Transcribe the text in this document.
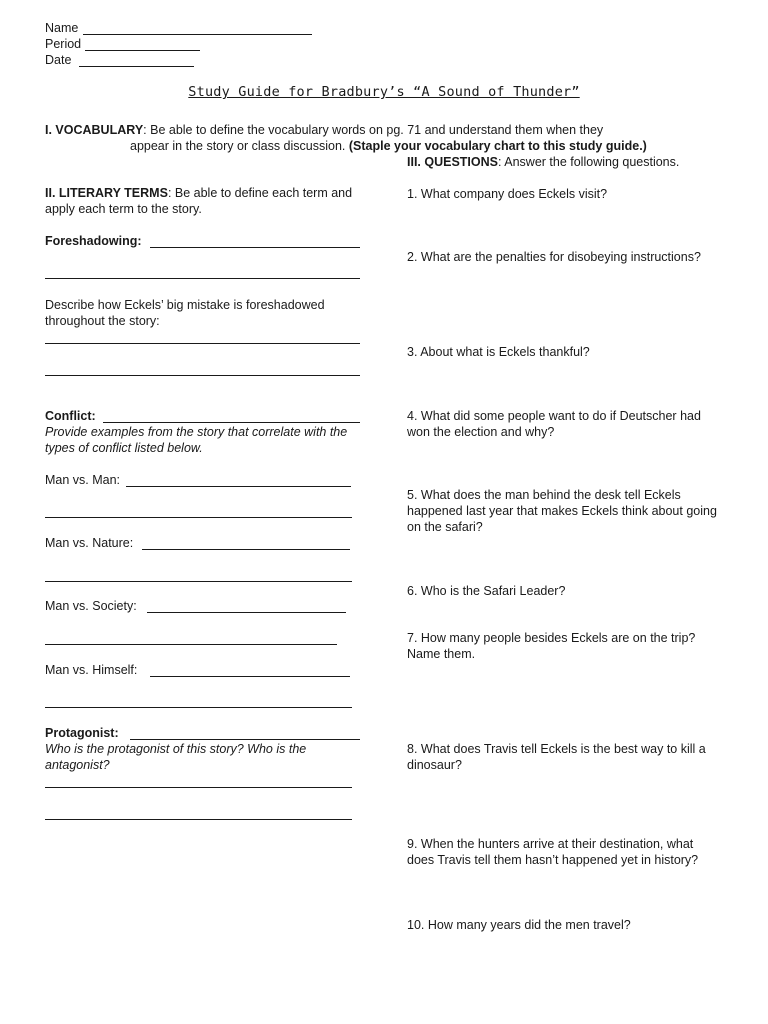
Name
Period
Date
Study Guide for Bradbury’s “A Sound of Thunder”
I. VOCABULARY: Be able to define the vocabulary words on pg. 71 and understand them when they
appear in the story or class discussion. (Staple your vocabulary chart to this study guide.)
III. QUESTIONS: Answer the following questions.
II. LITERARY TERMS: Be able to define each term and apply each term to the story.
Foreshadowing:
Describe how Eckels’ big mistake is foreshadowed throughout the story:
Conflict:
Provide examples from the story that correlate with the types of conflict listed below.
Man vs. Man:
Man vs. Nature:
Man vs. Society:
Man vs. Himself:
Protagonist:
Who is the protagonist of this story? Who is the antagonist?
1. What company does Eckels visit?
2. What are the penalties for disobeying instructions?
3. About what is Eckels thankful?
4. What did some people want to do if Deutscher had won the election and why?
5. What does the man behind the desk tell Eckels happened last year that makes Eckels think about going on the safari?
6. Who is the Safari Leader?
7. How many people besides Eckels are on the trip? Name them.
8. What does Travis tell Eckels is the best way to kill a dinosaur?
9. When the hunters arrive at their destination, what does Travis tell them hasn’t happened yet in history?
10. How many years did the men travel?
